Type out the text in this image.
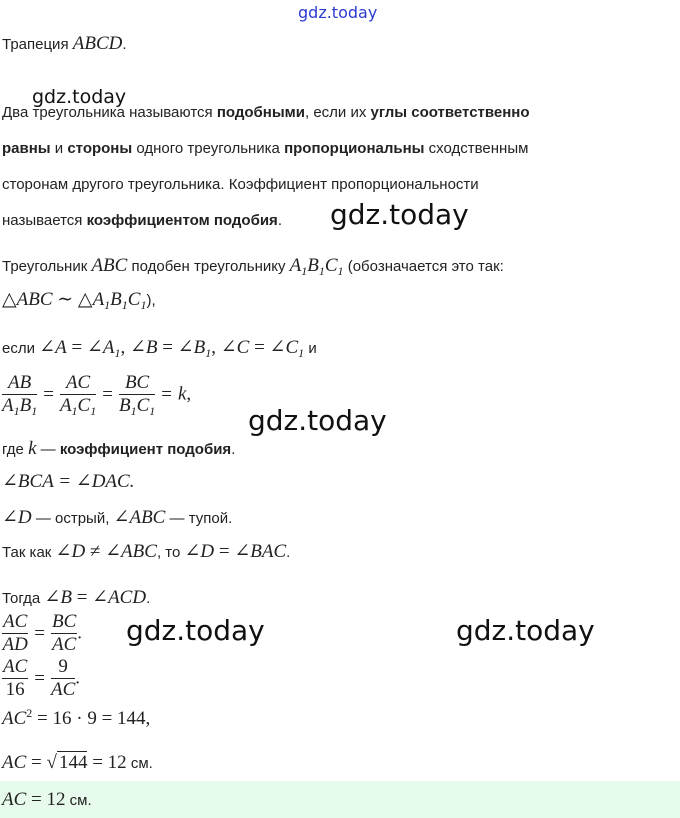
gdz.today
gdz.today
gdz.today
gdz.today
gdz.today	gdz.today
Трапеция ABCD.
Два треугольника называются подобными, если их углы соответственно
равны и стороны одного треугольника пропорциональны сходственным
сторонам другого треугольника. Коэффициент пропорциональности
называется коэффициентом подобия.
Треугольник ABC подобен треугольнику $A_1B_1C_1$ (обозначается это так:
△ABC ∼ $\triangle A_1B_1C_1$),
если ∠A = $\angle A_1$, ∠B = $\angle B_1$, ∠C = $\angle C_1$ и
$\frac{AB}{A_1B_1} = \frac{AC}{A_1C_1} = \frac{BC}{B_1C_1} = k$,
где k — коэффициент подобия.
∠BCA = ∠DAC.
∠D — острый, ∠ABC — тупой.
Так как ∠D ≠ ∠ABC, то ∠D = ∠BAC.
Тогда ∠B = ∠ACD.
$\frac{AC}{AD} = \frac{BC}{AC}$ .
$\frac{AC}{16} = \frac{9}{AC}$ .
$AC^2 = 16 \cdot 9 = 144$,
AC = √ 144 = 12 см.
AC = 12 см.
